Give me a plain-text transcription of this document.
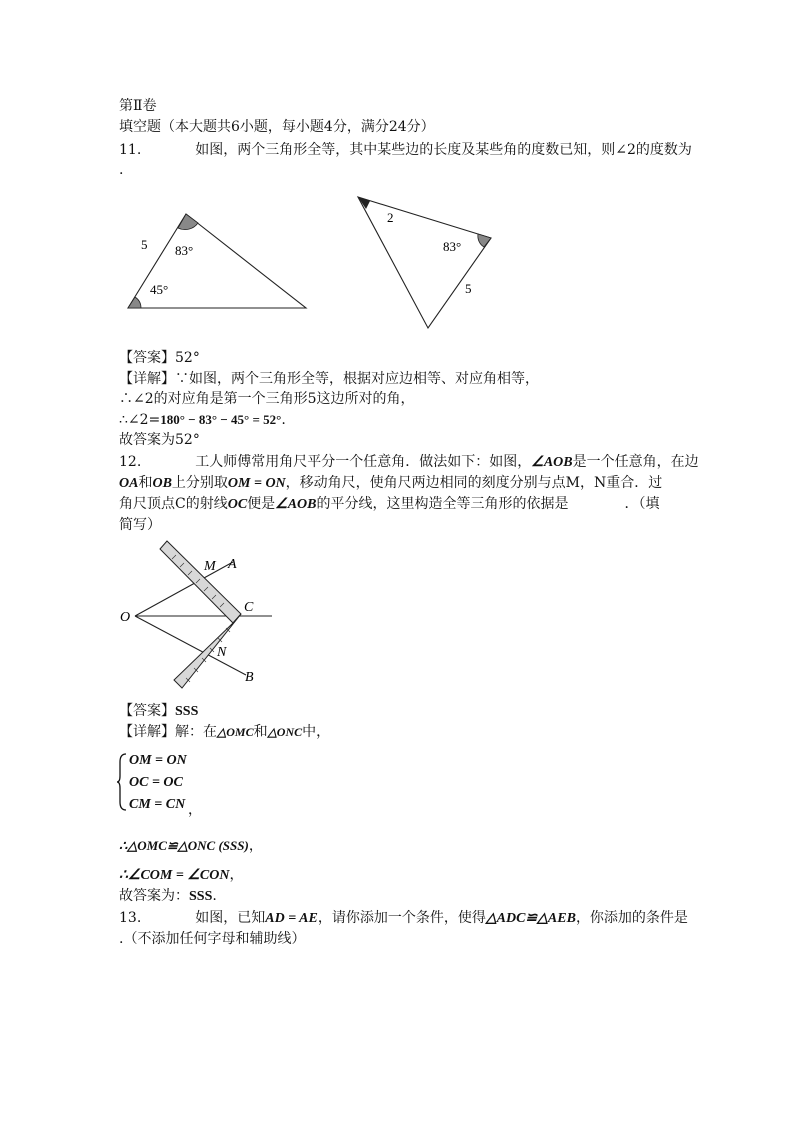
第Ⅱ卷
填空题（本大题共6小题，每小题4分，满分24分）
11.	如图，两个三角形全等，其中某些边的长度及某些角的度数已知，则∠2的度数为
.
5 83°
45°
2
83°
5
【答案】52°
【详解】∵如图，两个三角形全等，根据对应边相等、对应角相等，
∴∠2的对应角是第一个三角形5这边所对的角，
∴∠2=180° − 83° − 45° = 52°.
故答案为52°
12.	工人师傅常用角尺平分一个任意角．做法如下：如图，∠AOB是一个任意角，在边
OA和OB上分别取OM = ON，移动角尺，使角尺两边相同的刻度分别与点M，N重合．过
角尺顶点C的射线OC便是∠AOB的平分线，这里构造全等三角形的依据是	．（填
简写）
M A
O
C
N
B
【答案】SSS
【详解】解：在△OMC和△ONC中，
OM = ON
OC = OC
CM = CN ，
∴△OMC≌△ONC (SSS)，
∴∠COM = ∠CON，
故答案为：SSS.
13.	如图，已知AD = AE，请你添加一个条件，使得△ADC≌△AEB，你添加的条件是
.（不添加任何字母和辅助线）
